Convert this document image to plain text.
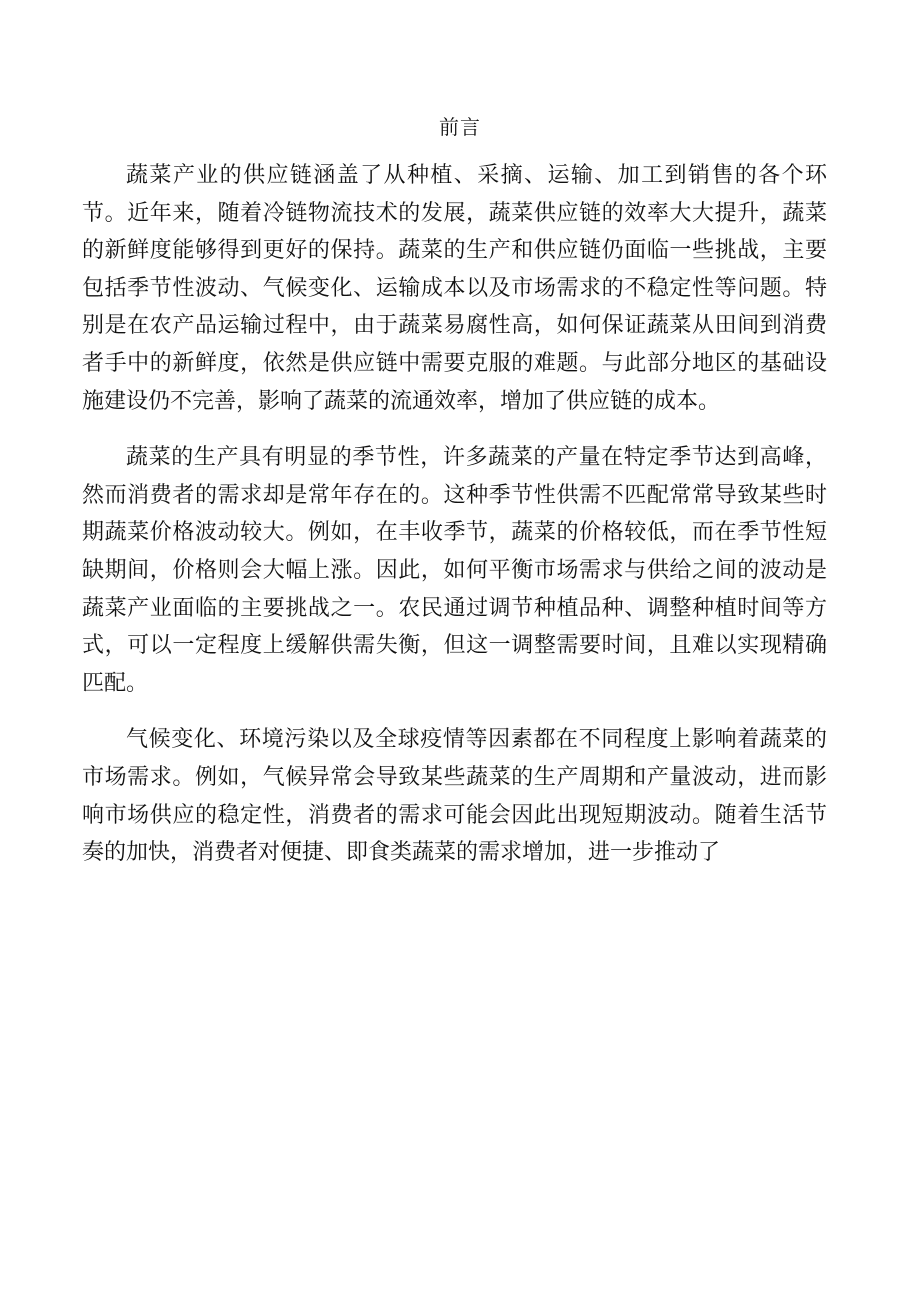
前言

蔬菜产业的供应链涵盖了从种植、采摘、运输、加工到销售的各个环节。近年来，随着冷链物流技术的发展，蔬菜供应链的效率大大提升，蔬菜的新鲜度能够得到更好的保持。蔬菜的生产和供应链仍面临一些挑战，主要包括季节性波动、气候变化、运输成本以及市场需求的不稳定性等问题。特别是在农产品运输过程中，由于蔬菜易腐性高，如何保证蔬菜从田间到消费者手中的新鲜度，依然是供应链中需要克服的难题。与此部分地区的基础设施建设仍不完善，影响了蔬菜的流通效率，增加了供应链的成本。

蔬菜的生产具有明显的季节性，许多蔬菜的产量在特定季节达到高峰，然而消费者的需求却是常年存在的。这种季节性供需不匹配常常导致某些时期蔬菜价格波动较大。例如，在丰收季节，蔬菜的价格较低，而在季节性短缺期间，价格则会大幅上涨。因此，如何平衡市场需求与供给之间的波动是蔬菜产业面临的主要挑战之一。农民通过调节种植品种、调整种植时间等方式，可以一定程度上缓解供需失衡，但这一调整需要时间，且难以实现精确匹配。

气候变化、环境污染以及全球疫情等因素都在不同程度上影响着蔬菜的市场需求。例如，气候异常会导致某些蔬菜的生产周期和产量波动，进而影响市场供应的稳定性，消费者的需求可能会因此出现短期波动。随着生活节奏的加快，消费者对便捷、即食类蔬菜的需求增加，进一步推动了
